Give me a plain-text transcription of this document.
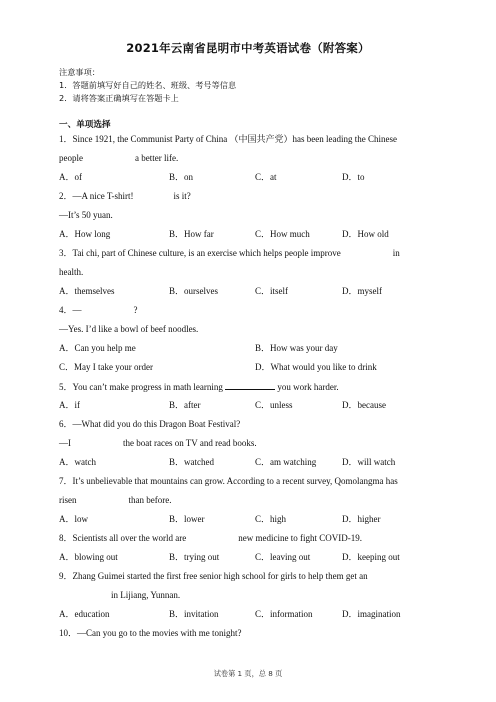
2021年云南省昆明市中考英语试卷（附答案）
注意事项：
1．答题前填写好自己的姓名、班级、考号等信息
2．请将答案正确填写在答题卡上
一、单项选择
1．Since 1921, the Communist Party of China （中国共产党）has been leading the Chinese
people	a better life.
A．of	B．on	C．at	D．to
2．—A nice T-shirt!	is it?
—It’s 50 yuan.
A．How long	B．How far	C．How much	D．How old
3．Tai chi, part of Chinese culture, is an exercise which helps people improve	in
health.
A．themselves	B．ourselves	C．itself	D．myself
4．—	?
—Yes. I’d like a bowl of beef noodles.
A．Can you help me	B．How was your day
C．May I take your order	D．What would you like to drink
5．You can’t make progress in math learning	you work harder.
A．if	B．after	C．unless	D．because
6．—What did you do this Dragon Boat Festival?
—I	the boat races on TV and read books.
A．watch	B．watched	C．am watching	D．will watch
7．It’s unbelievable that mountains can grow. According to a recent survey, Qomolangma has
risen	than before.
A．low	B．lower	C．high	D．higher
8．Scientists all over the world are	new medicine to fight COVID-19.
A．blowing out	B．trying out	C．leaving out	D．keeping out
9．Zhang Guimei started the first free senior high school for girls to help them get an
in Lijiang, Yunnan.
A．education	B．invitation	C．information	D．imagination
10．—Can you go to the movies with me tonight?
试卷第 1 页，总 8 页
